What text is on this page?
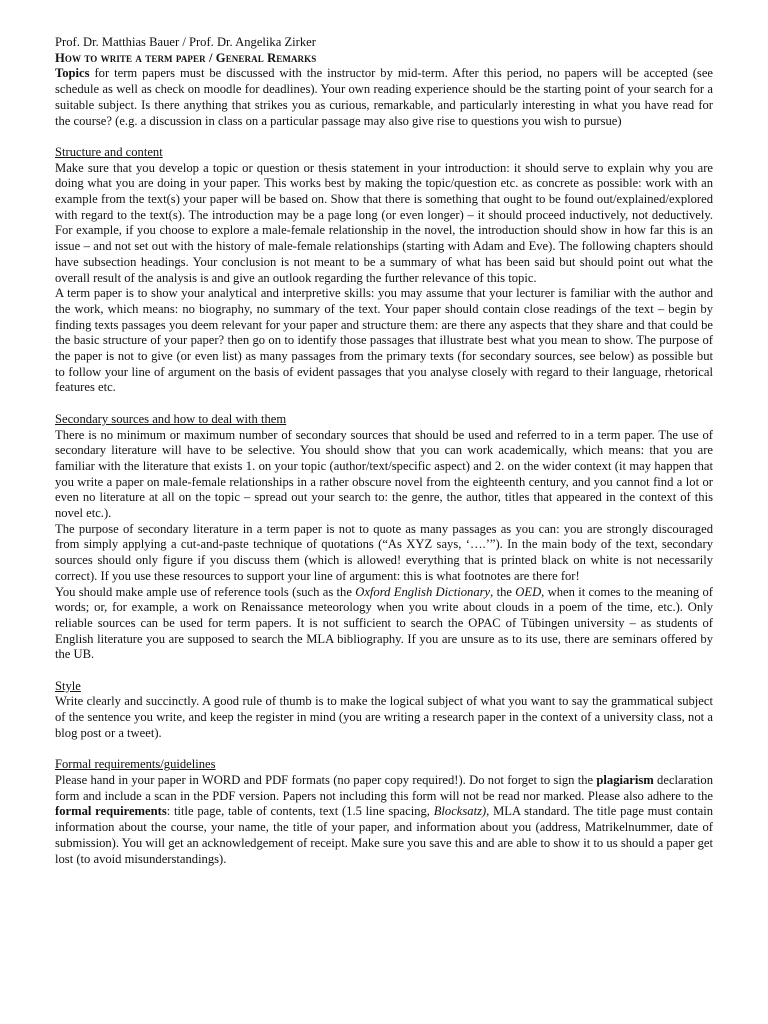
Prof. Dr. Matthias Bauer / Prof. Dr. Angelika Zirker
How to write a term paper / General Remarks

Topics for term papers must be discussed with the instructor by mid-term. After this period, no papers will be accepted (see schedule as well as check on moodle for deadlines). Your own reading experience should be the starting point of your search for a suitable subject. Is there anything that strikes you as curious, remarkable, and particularly interesting in what you have read for the course? (e.g. a discussion in class on a particular passage may also give rise to questions you wish to pursue)

Structure and content

Make sure that you develop a topic or question or thesis statement in your introduction: it should serve to explain why you are doing what you are doing in your paper. This works best by making the topic/question etc. as concrete as possible: work with an example from the text(s) your paper will be based on. Show that there is something that ought to be found out/explained/explored with regard to the text(s). The introduction may be a page long (or even longer) – it should proceed inductively, not deductively. For example, if you choose to explore a male-female relationship in the novel, the introduction should show in how far this is an issue – and not set out with the history of male-female relationships (starting with Adam and Eve). The following chapters should have subsection headings. Your conclusion is not meant to be a summary of what has been said but should point out what the overall result of the analysis is and give an outlook regarding the further relevance of this topic.

A term paper is to show your analytical and interpretive skills: you may assume that your lecturer is familiar with the author and the work, which means: no biography, no summary of the text. Your paper should contain close readings of the text – begin by finding texts passages you deem relevant for your paper and structure them: are there any aspects that they share and that could be the basic structure of your paper? then go on to identify those passages that illustrate best what you mean to show. The purpose of the paper is not to give (or even list) as many passages from the primary texts (for secondary sources, see below) as possible but to follow your line of argument on the basis of evident passages that you analyse closely with regard to their language, rhetorical features etc.

Secondary sources and how to deal with them

There is no minimum or maximum number of secondary sources that should be used and referred to in a term paper. The use of secondary literature will have to be selective. You should show that you can work academically, which means: that you are familiar with the literature that exists 1. on your topic (author/text/specific aspect) and 2. on the wider context (it may happen that you write a paper on male-female relationships in a rather obscure novel from the eighteenth century, and you cannot find a lot or even no literature at all on the topic – spread out your search to: the genre, the author, titles that appeared in the context of this novel etc.).

The purpose of secondary literature in a term paper is not to quote as many passages as you can: you are strongly discouraged from simply applying a cut-and-paste technique of quotations (“As XYZ says, ‘….’”). In the main body of the text, secondary sources should only figure if you discuss them (which is allowed! everything that is printed black on white is not necessarily correct). If you use these resources to support your line of argument: this is what footnotes are there for!

You should make ample use of reference tools (such as the Oxford English Dictionary, the OED, when it comes to the meaning of words; or, for example, a work on Renaissance meteorology when you write about clouds in a poem of the time, etc.). Only reliable sources can be used for term papers. It is not sufficient to search the OPAC of Tübingen university – as students of English literature you are supposed to search the MLA bibliography. If you are unsure as to its use, there are seminars offered by the UB.

Style

Write clearly and succinctly. A good rule of thumb is to make the logical subject of what you want to say the grammatical subject of the sentence you write, and keep the register in mind (you are writing a research paper in the context of a university class, not a blog post or a tweet).

Formal requirements/guidelines

Please hand in your paper in WORD and PDF formats (no paper copy required!). Do not forget to sign the plagiarism declaration form and include a scan in the PDF version. Papers not including this form will not be read nor marked. Please also adhere to the formal requirements: title page, table of contents, text (1.5 line spacing, Blocksatz), MLA standard. The title page must contain information about the course, your name, the title of your paper, and information about you (address, Matrikelnummer, date of submission). You will get an acknowledgement of receipt. Make sure you save this and are able to show it to us should a paper get lost (to avoid misunderstandings).
